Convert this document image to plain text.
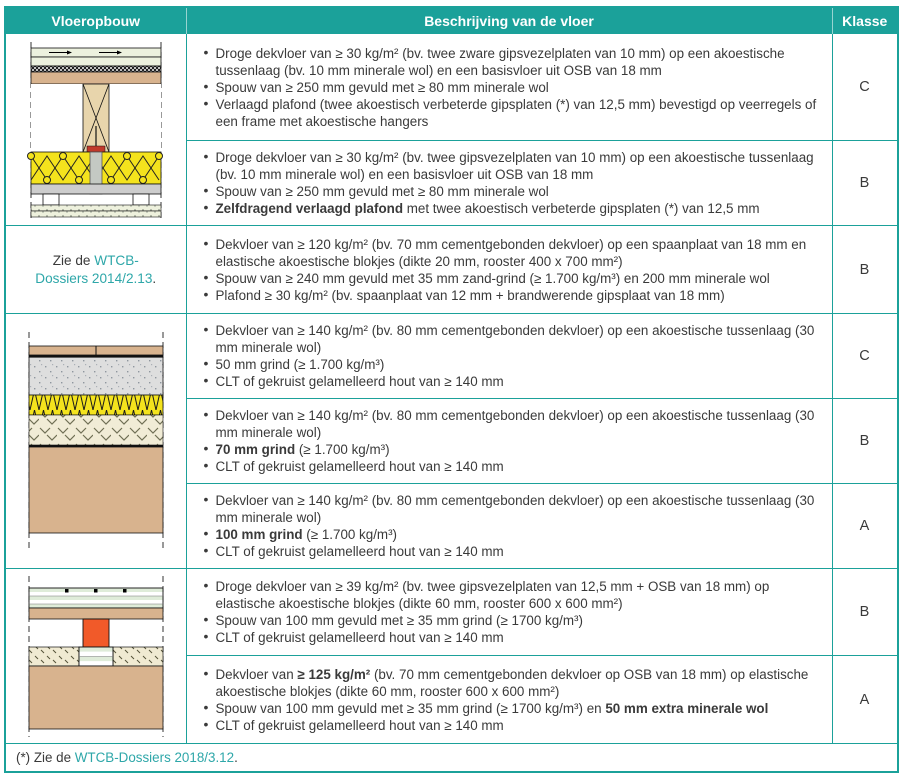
Vloeropbouw	Beschrijving van de vloer	Klasse

• Droge dekvloer van ≥ 30 kg/m² (bv. twee zware gipsvezelplaten van 10 mm) op een akoestische tussenlaag (bv. 10 mm minerale wol) en een basisvloer uit OSB van 18 mm
• Spouw van ≥ 250 mm gevuld met ≥ 80 mm minerale wol
• Verlaagd plafond (twee akoestisch verbeterde gipsplaten (*) van 12,5 mm) bevestigd op veerregels of een frame met akoestische hangers
	C

• Droge dekvloer van ≥ 30 kg/m² (bv. twee gipsvezelplaten van 10 mm) op een akoestische tussenlaag (bv. 10 mm minerale wol) en een basisvloer uit OSB van 18 mm
• Spouw van ≥ 250 mm gevuld met ≥ 80 mm minerale wol
• Zelfdragend verlaagd plafond met twee akoestisch verbeterde gipsplaten (*) van 12,5 mm
	B
Zie de WTCB-Dossiers 2014/2.13.	
• Dekvloer van ≥ 120 kg/m² (bv. 70 mm cementgebonden dekvloer) op een spaanplaat van 18 mm en elastische akoestische blokjes (dikte 20 mm, rooster 400 x 700 mm²)
• Spouw van ≥ 240 mm gevuld met 35 mm zand-grind (≥ 1.700 kg/m³) en 200 mm minerale wol
• Plafond ≥ 30 kg/m² (bv. spaanplaat van 12 mm + brandwerende gipsplaat van 18 mm)
	B

• Dekvloer van ≥ 140 kg/m² (bv. 80 mm cementgebonden dekvloer) op een akoestische tussenlaag (30 mm minerale wol)
• 50 mm grind (≥ 1.700 kg/m³)
• CLT of gekruist gelamelleerd hout van ≥ 140 mm
	C

• Dekvloer van ≥ 140 kg/m² (bv. 80 mm cementgebonden dekvloer) op een akoestische tussenlaag (30 mm minerale wol)
• 70 mm grind (≥ 1.700 kg/m³)
• CLT of gekruist gelamelleerd hout van ≥ 140 mm
	B

• Dekvloer van ≥ 140 kg/m² (bv. 80 mm cementgebonden dekvloer) op een akoestische tussenlaag (30 mm minerale wol)
• 100 mm grind (≥ 1.700 kg/m³)
• CLT of gekruist gelamelleerd hout van ≥ 140 mm
	A

• Droge dekvloer van ≥ 39 kg/m² (bv. twee gipsvezelplaten van 12,5 mm + OSB van 18 mm) op elastische akoestische blokjes (dikte 60 mm, rooster 600 x 600 mm²)
• Spouw van 100 mm gevuld met ≥ 35 mm grind (≥ 1700 kg/m³)
• CLT of gekruist gelamelleerd hout van ≥ 140 mm
	B

• Dekvloer van ≥ 125 kg/m² (bv. 70 mm cementgebonden dekvloer op OSB van 18 mm) op elastische akoestische blokjes (dikte 60 mm, rooster 600 x 600 mm²)
• Spouw van 100 mm gevuld met ≥ 35 mm grind (≥ 1700 kg/m³) en 50 mm extra minerale wol
• CLT of gekruist gelamelleerd hout van ≥ 140 mm
	A
(*) Zie de WTCB-Dossiers 2018/3.12.		
